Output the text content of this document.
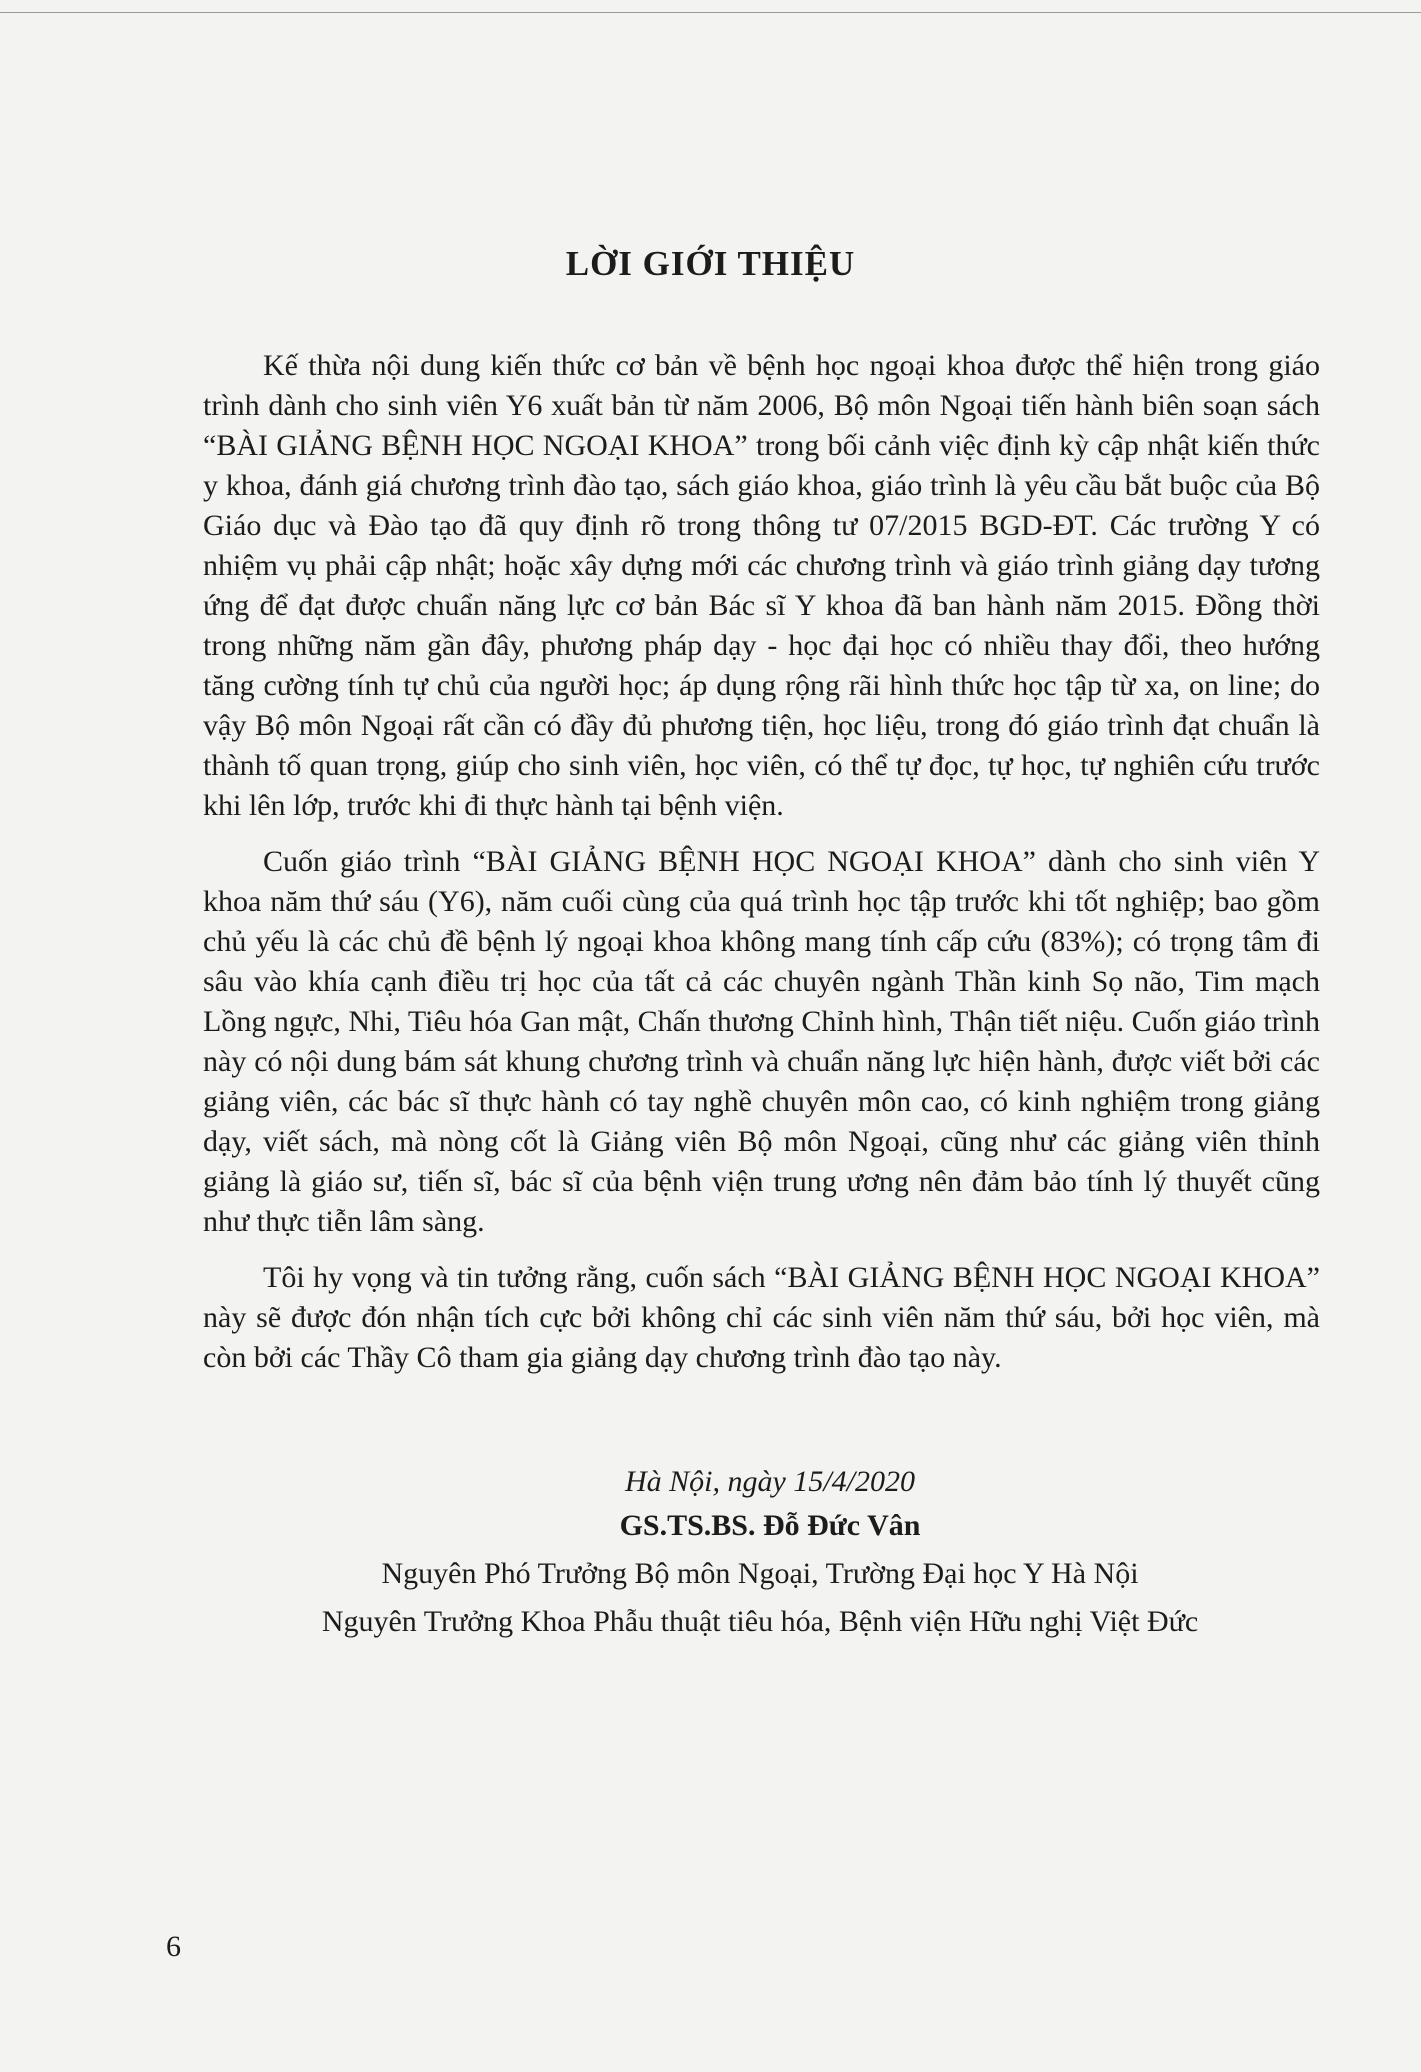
LỜI GIỚI THIỆU

Kế thừa nội dung kiến thức cơ bản về bệnh học ngoại khoa được thể hiện trong giáo trình dành cho sinh viên Y6 xuất bản từ năm 2006, Bộ môn Ngoại tiến hành biên soạn sách “BÀI GIẢNG BỆNH HỌC NGOẠI KHOA” trong bối cảnh việc định kỳ cập nhật kiến thức y khoa, đánh giá chương trình đào tạo, sách giáo khoa, giáo trình là yêu cầu bắt buộc của Bộ Giáo dục và Đào tạo đã quy định rõ trong thông tư 07/2015 BGD-ĐT. Các trường Y có nhiệm vụ phải cập nhật; hoặc xây dựng mới các chương trình và giáo trình giảng dạy tương ứng để đạt được chuẩn năng lực cơ bản Bác sĩ Y khoa đã ban hành năm 2015. Đồng thời trong những năm gần đây, phương pháp dạy - học đại học có nhiều thay đổi, theo hướng tăng cường tính tự chủ của người học; áp dụng rộng rãi hình thức học tập từ xa, on line; do vậy Bộ môn Ngoại rất cần có đầy đủ phương tiện, học liệu, trong đó giáo trình đạt chuẩn là thành tố quan trọng, giúp cho sinh viên, học viên, có thể tự đọc, tự học, tự nghiên cứu trước khi lên lớp, trước khi đi thực hành tại bệnh viện.

Cuốn giáo trình “BÀI GIẢNG BỆNH HỌC NGOẠI KHOA” dành cho sinh viên Y khoa năm thứ sáu (Y6), năm cuối cùng của quá trình học tập trước khi tốt nghiệp; bao gồm chủ yếu là các chủ đề bệnh lý ngoại khoa không mang tính cấp cứu (83%); có trọng tâm đi sâu vào khía cạnh điều trị học của tất cả các chuyên ngành Thần kinh Sọ não, Tim mạch Lồng ngực, Nhi, Tiêu hóa Gan mật, Chấn thương Chỉnh hình, Thận tiết niệu. Cuốn giáo trình này có nội dung bám sát khung chương trình và chuẩn năng lực hiện hành, được viết bởi các giảng viên, các bác sĩ thực hành có tay nghề chuyên môn cao, có kinh nghiệm trong giảng dạy, viết sách, mà nòng cốt là Giảng viên Bộ môn Ngoại, cũng như các giảng viên thỉnh giảng là giáo sư, tiến sĩ, bác sĩ của bệnh viện trung ương nên đảm bảo tính lý thuyết cũng như thực tiễn lâm sàng.

Tôi hy vọng và tin tưởng rằng, cuốn sách “BÀI GIẢNG BỆNH HỌC NGOẠI KHOA” này sẽ được đón nhận tích cực bởi không chỉ các sinh viên năm thứ sáu, bởi học viên, mà còn bởi các Thầy Cô tham gia giảng dạy chương trình đào tạo này.

Hà Nội, ngày 15/4/2020
GS.TS.BS. Đỗ Đức Vân
Nguyên Phó Trưởng Bộ môn Ngoại, Trường Đại học Y Hà Nội
Nguyên Trưởng Khoa Phẫu thuật tiêu hóa, Bệnh viện Hữu nghị Việt Đức
6
